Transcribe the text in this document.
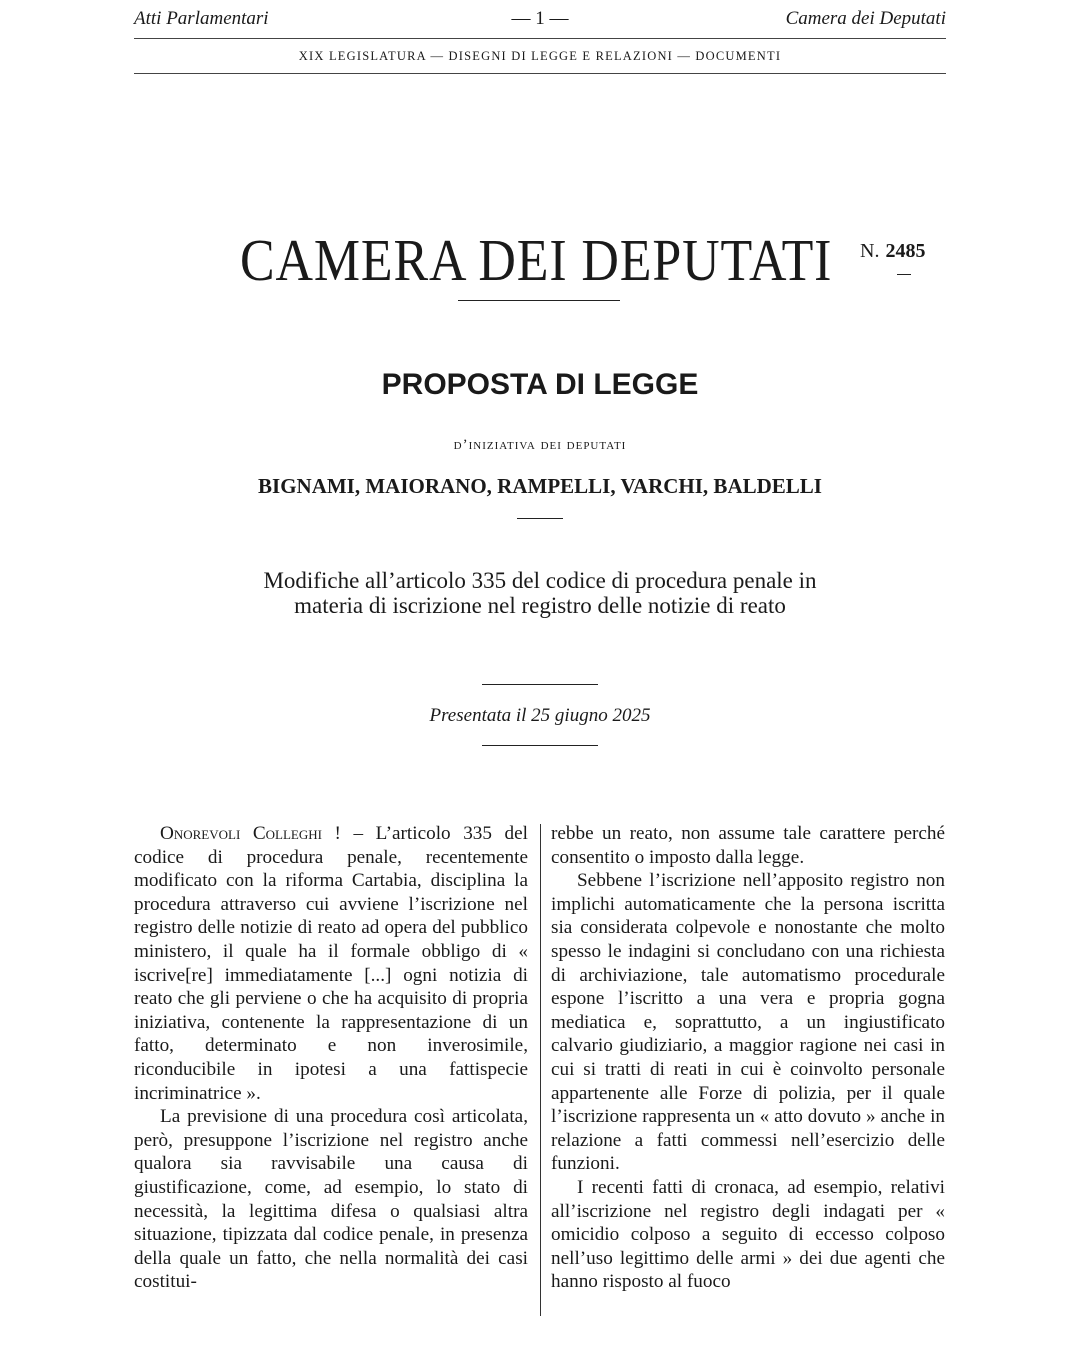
Atti Parlamentari	— 1 —	Camera dei Deputati
XIX LEGISLATURA — DISEGNI DI LEGGE E RELAZIONI — DOCUMENTI
CAMERA DEI DEPUTATI N. 2485
PROPOSTA DI LEGGE
d’iniziativa dei deputati
BIGNAMI, MAIORANO, RAMPELLI, VARCHI, BALDELLI
Modifiche all’articolo 335 del codice di procedura penale in
materia di iscrizione nel registro delle notizie di reato
Presentata il 25 giugno 2025

Onorevoli Colleghi ! – L’articolo 335 del codice di procedura penale, recentemente modificato con la riforma Cartabia, disciplina la procedura attraverso cui avviene l’iscrizione nel registro delle notizie di reato ad opera del pubblico ministero, il quale ha il formale obbligo di « iscrive[re] immediatamente [...] ogni notizia di reato che gli perviene o che ha acquisito di propria iniziativa, contenente la rappresentazione di un fatto, determinato e non inverosimile, riconducibile in ipotesi a una fattispecie incriminatrice ».

La previsione di una procedura così articolata, però, presuppone l’iscrizione nel registro anche qualora sia ravvisabile una causa di giustificazione, come, ad esempio, lo stato di necessità, la legittima difesa o qualsiasi altra situazione, tipizzata dal codice penale, in presenza della quale un fatto, che nella normalità dei casi costitui-

rebbe un reato, non assume tale carattere perché consentito o imposto dalla legge.

Sebbene l’iscrizione nell’apposito registro non implichi automaticamente che la persona iscritta sia considerata colpevole e nonostante che molto spesso le indagini si concludano con una richiesta di archiviazione, tale automatismo procedurale espone l’iscritto a una vera e propria gogna mediatica e, soprattutto, a un ingiustificato calvario giudiziario, a maggior ragione nei casi in cui si tratti di reati in cui è coinvolto personale appartenente alle Forze di polizia, per il quale l’iscrizione rappresenta un « atto dovuto » anche in relazione a fatti commessi nell’esercizio delle funzioni.

I recenti fatti di cronaca, ad esempio, relativi all’iscrizione nel registro degli indagati per « omicidio colposo a seguito di eccesso colposo nell’uso legittimo delle armi » dei due agenti che hanno risposto al fuoco
